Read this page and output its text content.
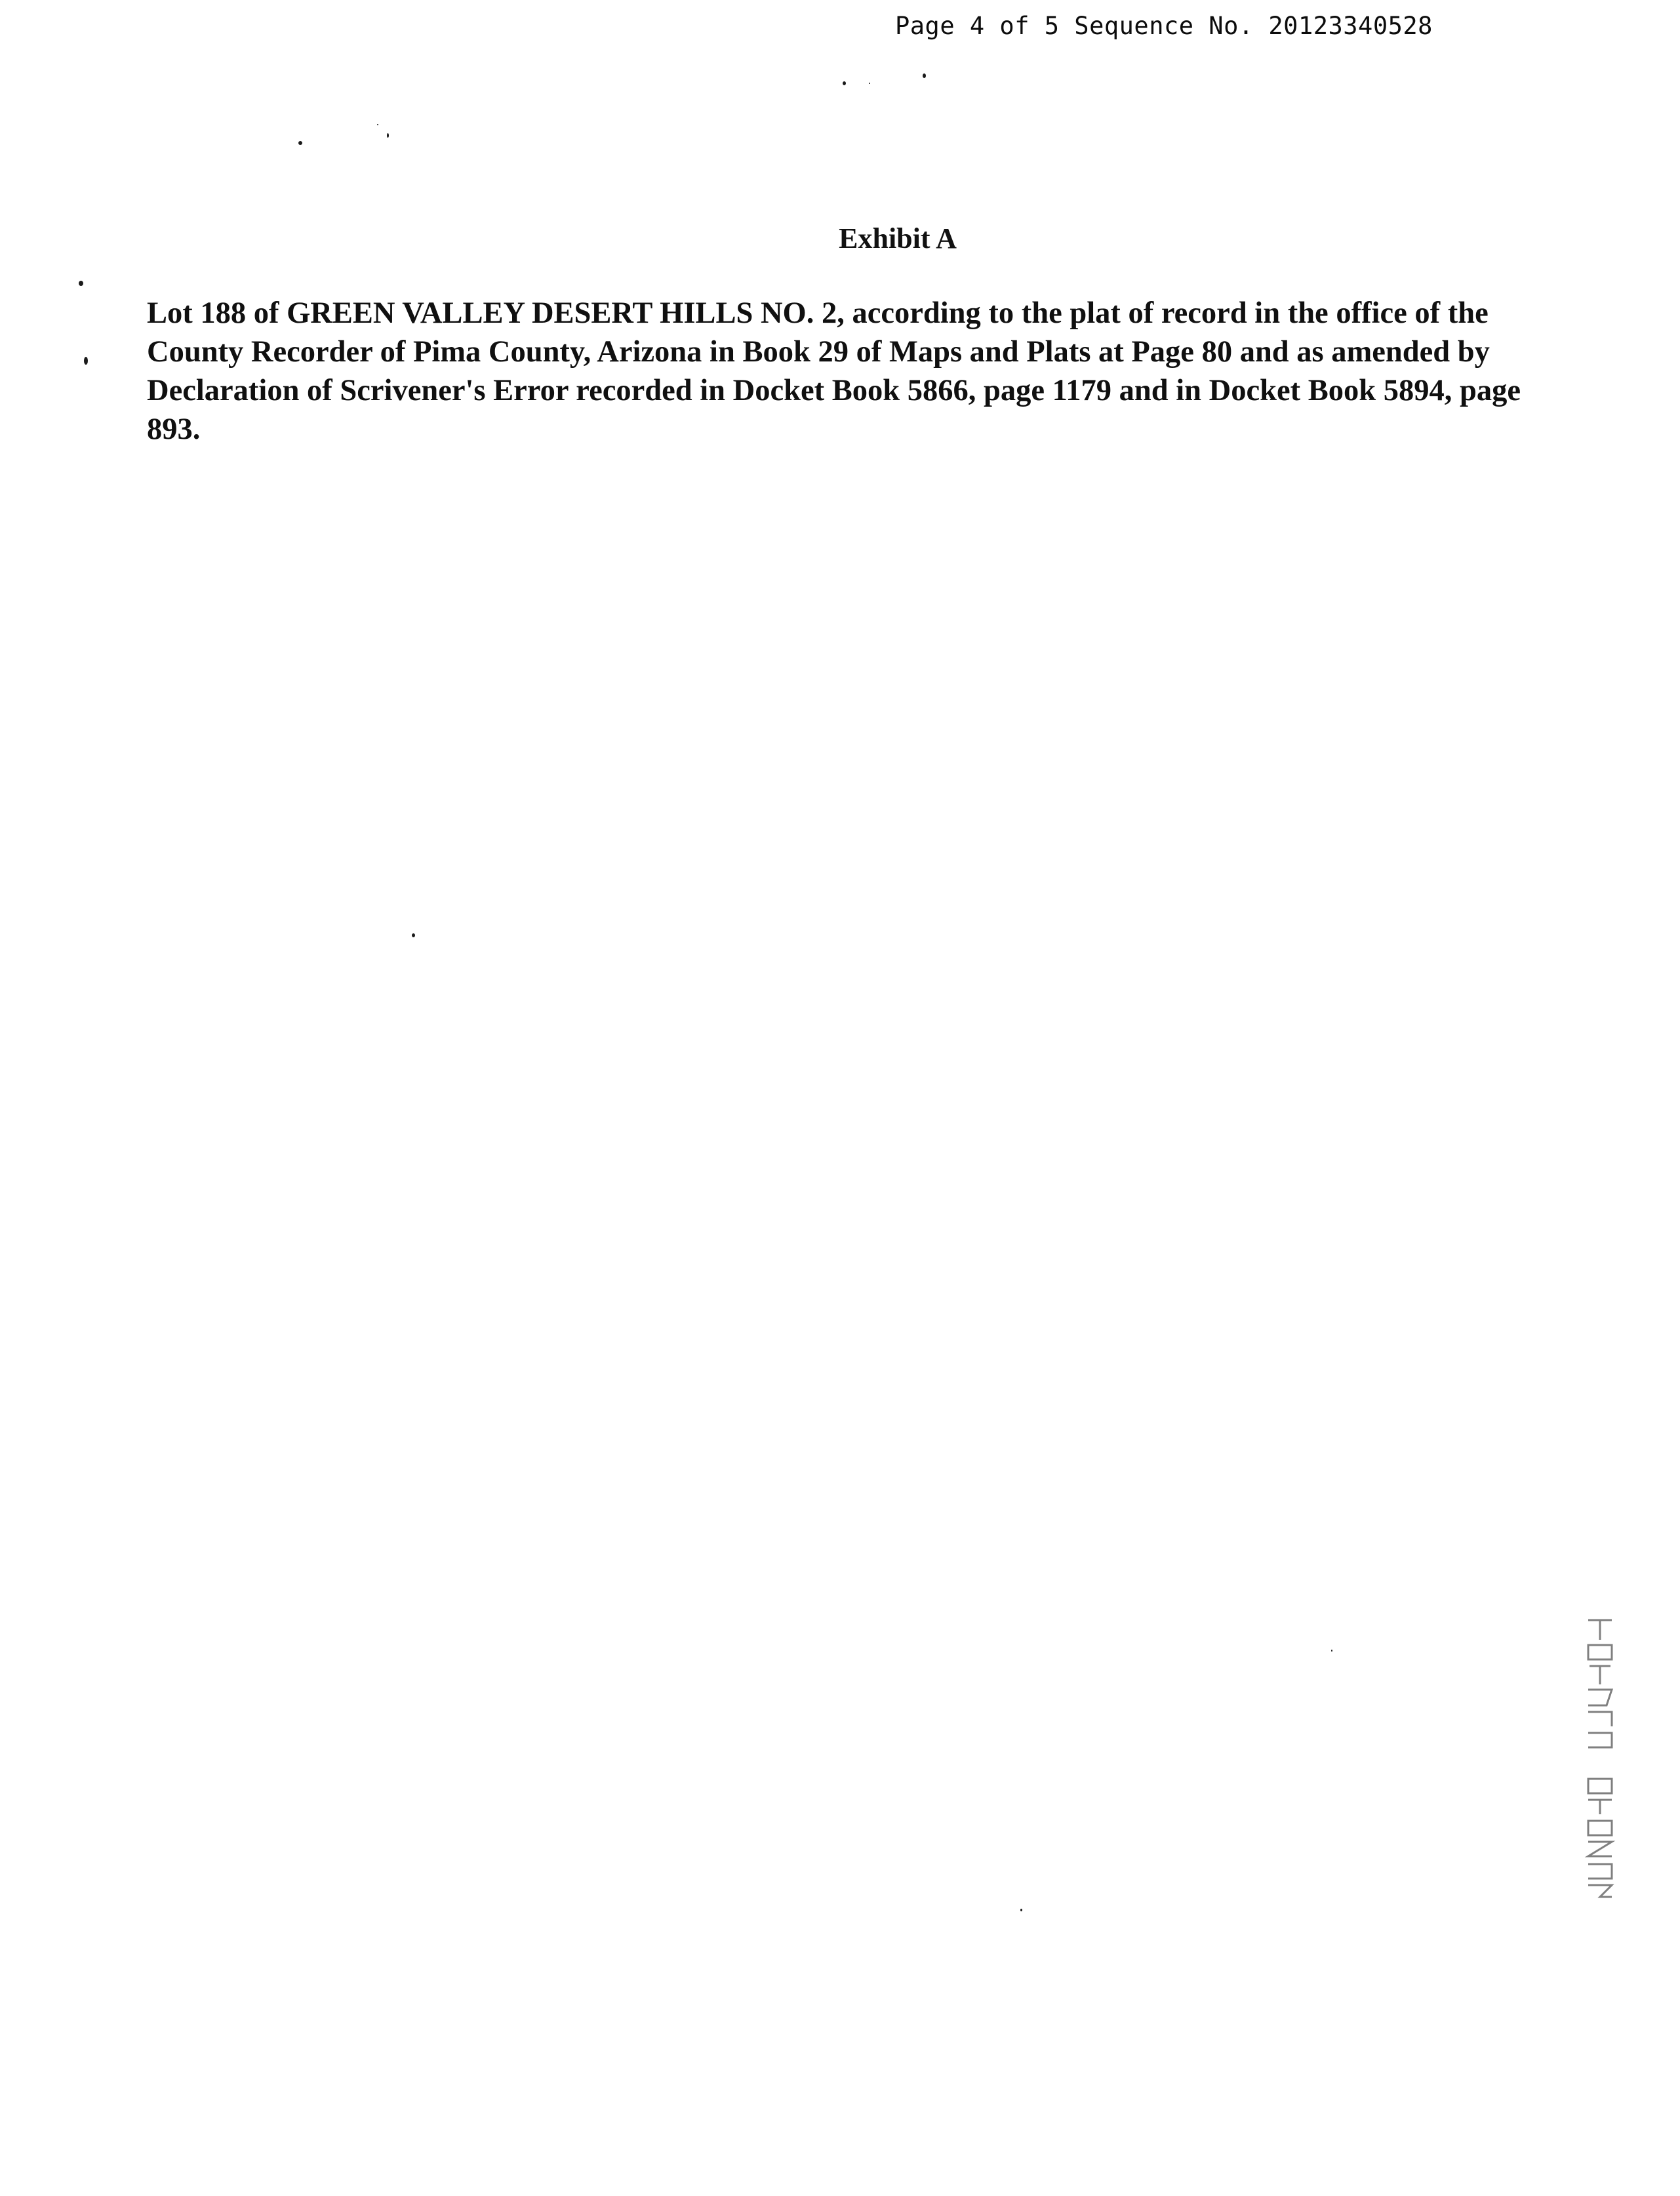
Page 4 of 5 Sequence No. 20123340528
Exhibit A

Lot 188 of GREEN VALLEY DESERT HILLS NO. 2, according to the plat of record in the office of the
County Recorder of Pima County, Arizona in Book 29 of Maps and Plats at Page 80 and as amended by
Declaration of Scrivener's Error recorded in Docket Book 5866, page 1179 and in Docket Book 5894, page
893.
